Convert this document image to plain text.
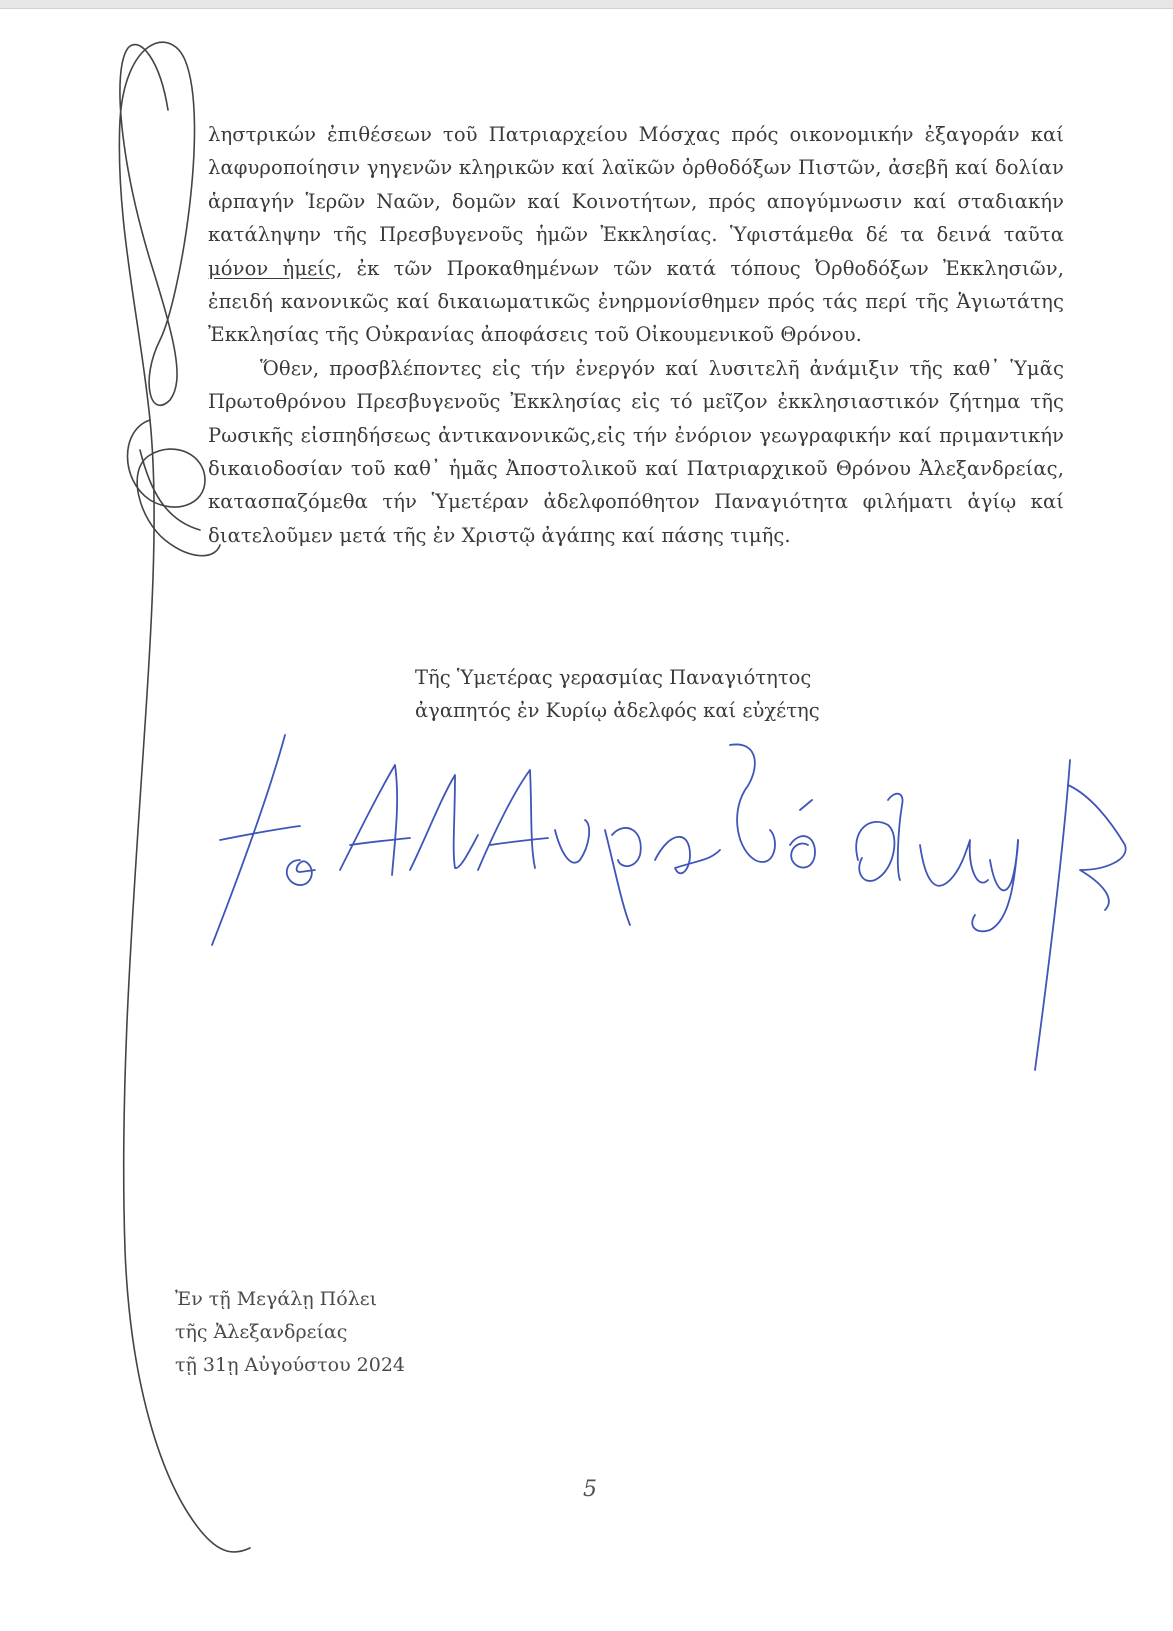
ληστρικών ἐπιθέσεων τοῦ Πατριαρχείου Μόσχας πρός οικονομικήν ἐξαγοράν καί λαφυροποίησιν γηγενῶν κληρικῶν καί λαϊκῶν ὀρθοδόξων Πιστῶν, ἀσεβῆ καί δολίαν ἁρπαγήν Ἱερῶν Ναῶν, δομῶν καί Κοινοτήτων, πρός απογύμνωσιν καί σταδιακήν κατάληψην τῆς Πρεσβυγενοῦς ἡμῶν Ἐκκλησίας. Ὑφιστάμεθα δέ τα δεινά ταῦτα μόνον ἡμείς, ἐκ τῶν Προκαθημένων τῶν κατά τόπους Ὀρθοδόξων Ἐκκλησιῶν, ἐπειδή κανονικῶς καί δικαιωματικῶς ἐνηρμονίσθημεν πρός τάς περί τῆς Ἁγιωτάτης Ἐκκλησίας τῆς Οὐκρανίας ἀποφάσεις τοῦ Οἰκουμενικοῦ Θρόνου.

Ὅθεν, προσβλέποντες εἰς τήν ἐνεργόν καί λυσιτελῆ ἀνάμιξιν τῆς καθ᾽ Ὑμᾶς Πρωτοθρόνου Πρεσβυγενοῦς Ἐκκλησίας εἰς τό μεῖζον ἐκκλησιαστικόν ζήτημα τῆς Ρωσικῆς εἰσπηδήσεως ἀντικανονικῶς,εἰς τήν ἐνόριον γεωγραφικήν καί πριμαντικήν δικαιοδοσίαν τοῦ καθ᾽ ἡμᾶς Ἀποστολικοῦ καί Πατριαρχικοῦ Θρόνου Ἀλεξανδρείας, κατασπαζόμεθα τήν Ὑμετέραν ἀδελφοπόθητον Παναγιότητα φιλήματι ἁγίῳ καί διατελοῦμεν μετά τῆς ἐν Χριστῷ ἀγάπης καί πάσης τιμῆς.

Τῆς Ὑμετέρας γερασμίας Παναγιότητος
ἀγαπητός ἐν Κυρίῳ ἀδελφός καί εὐχέτης
Ἐν τῇ Μεγάλῃ Πόλει
τῆς Ἀλεξανδρείας
τῇ 31ῃ Αὐγούστου 2024
5
